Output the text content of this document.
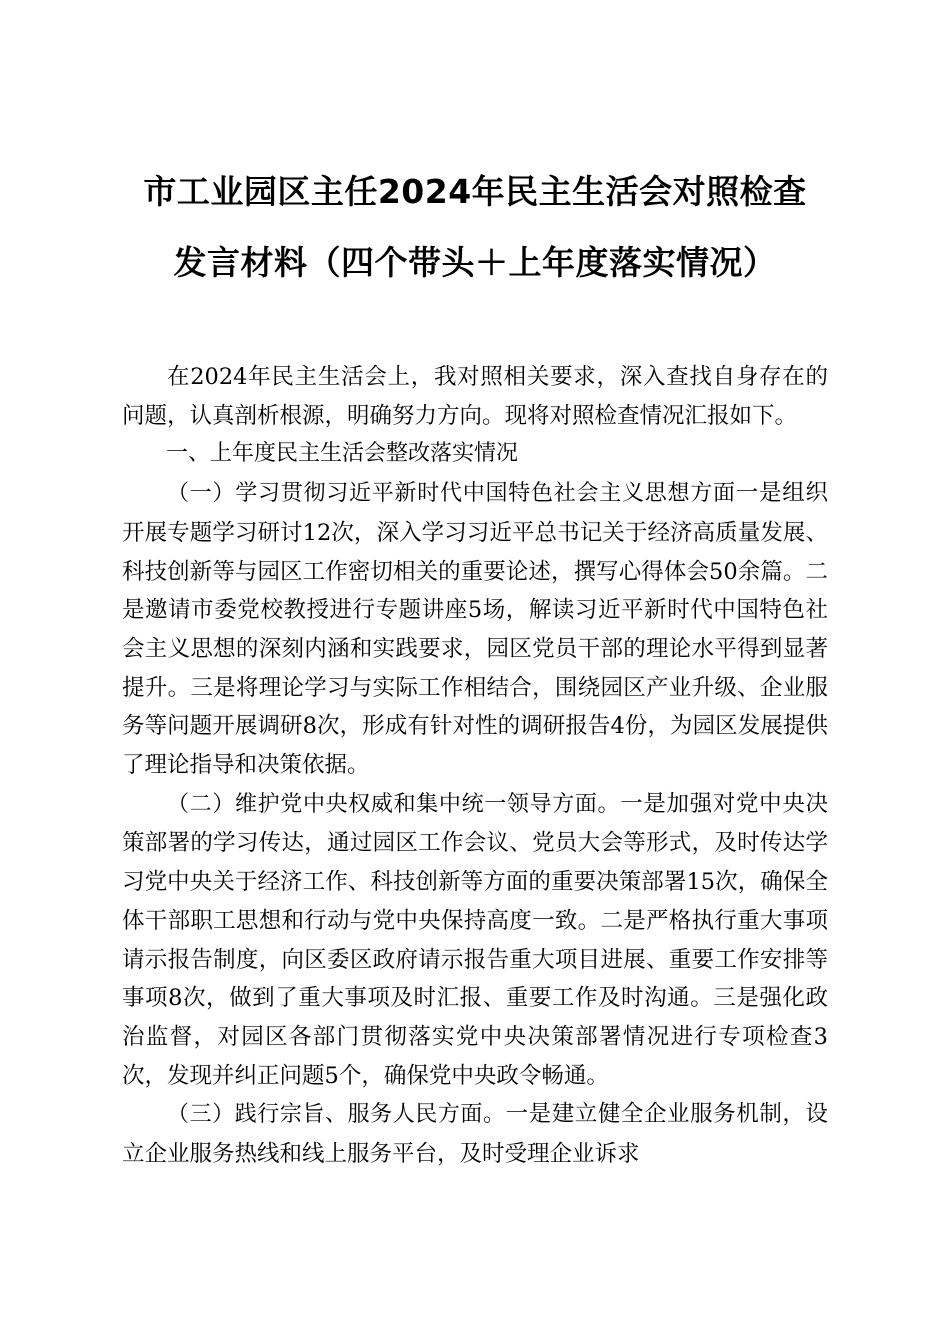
市工业园区主任2024年民主生活会对照检查
发言材料（四个带头＋上年度落实情况）

在2024年民主生活会上，我对照相关要求，深入查找自身存在的问题，认真剖析根源，明确努力方向。现将对照检查情况汇报如下。

一、上年度民主生活会整改落实情况

（一）学习贯彻习近平新时代中国特色社会主义思想方面一是组织开展专题学习研讨12次，深入学习习近平总书记关于经济高质量发展、科技创新等与园区工作密切相关的重要论述，撰写心得体会50余篇。二是邀请市委党校教授进行专题讲座5场，解读习近平新时代中国特色社会主义思想的深刻内涵和实践要求，园区党员干部的理论水平得到显著提升。三是将理论学习与实际工作相结合，围绕园区产业升级、企业服务等问题开展调研8次，形成有针对性的调研报告4份，为园区发展提供了理论指导和决策依据。

（二）维护党中央权威和集中统一领导方面。一是加强对党中央决策部署的学习传达，通过园区工作会议、党员大会等形式，及时传达学习党中央关于经济工作、科技创新等方面的重要决策部署15次，确保全体干部职工思想和行动与党中央保持高度一致。二是严格执行重大事项请示报告制度，向区委区政府请示报告重大项目进展、重要工作安排等事项8次，做到了重大事项及时汇报、重要工作及时沟通。三是强化政治监督，对园区各部门贯彻落实党中央决策部署情况进行专项检查3次，发现并纠正问题5个，确保党中央政令畅通。

（三）践行宗旨、服务人民方面。一是建立健全企业服务机制，设立企业服务热线和线上服务平台，及时受理企业诉求
